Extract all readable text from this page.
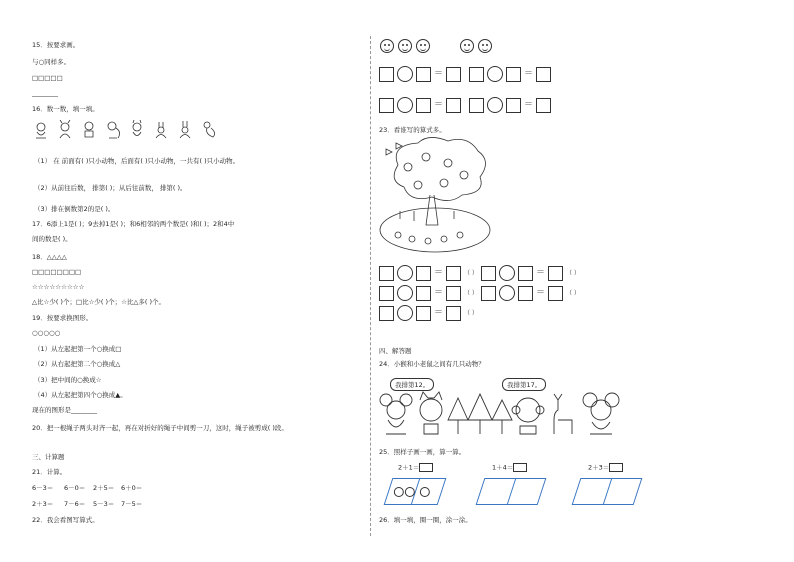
15．按要求画。
与○同样多。
□□□□□
________
16．数一数，填一填。
（1） 在 前面有( )只小动物，后面有( )只小动物，一共有( )只小动物。
（2）从前往后数， 排第( )；从后往前数， 排第( )。
（3）排在倒数第2的是( )。
17．6添上1是( )；9去掉1是( )；和6相邻的两个数是( )和( )；2和4中
间的数是( )。
18．△△△△
□□□□□□□□
☆☆☆☆☆☆☆☆☆
△比☆少( )个；□比☆少( )个；☆比△多( )个。
19．按要求换图形。
○○○○○
（1）从左起把第一个○换成□
（2）从右起把第二个○换成△
（3）把中间的○换成☆
（4）从左起把第四个○换成▲。
现在的图形是________
20．把一根绳子两头对齐一起，再在对折好的绳子中间剪一刀，这时，绳子被剪成( )段。
三、计算题
21．计算。
6－3＝ 6－0＝ 2＋5＝ 6＋0＝
2＋3＝ 7－6＝ 5－3＝ 7－5＝
22．我会看图写算式。
＝	＝
＝	＝
23．看谁写的算式多。
＝	（ ）	＝	（ ）
＝	（ ）	＝	（ ）
＝	（ ）
四、解答题
24．小猴和小老鼠之间有几只动物？
我排第12。	我排第17。
25．照样子画一画，算一算。
2＋1＝	1＋4＝	2＋3＝
26．填一填，圈一圈，涂一涂。
